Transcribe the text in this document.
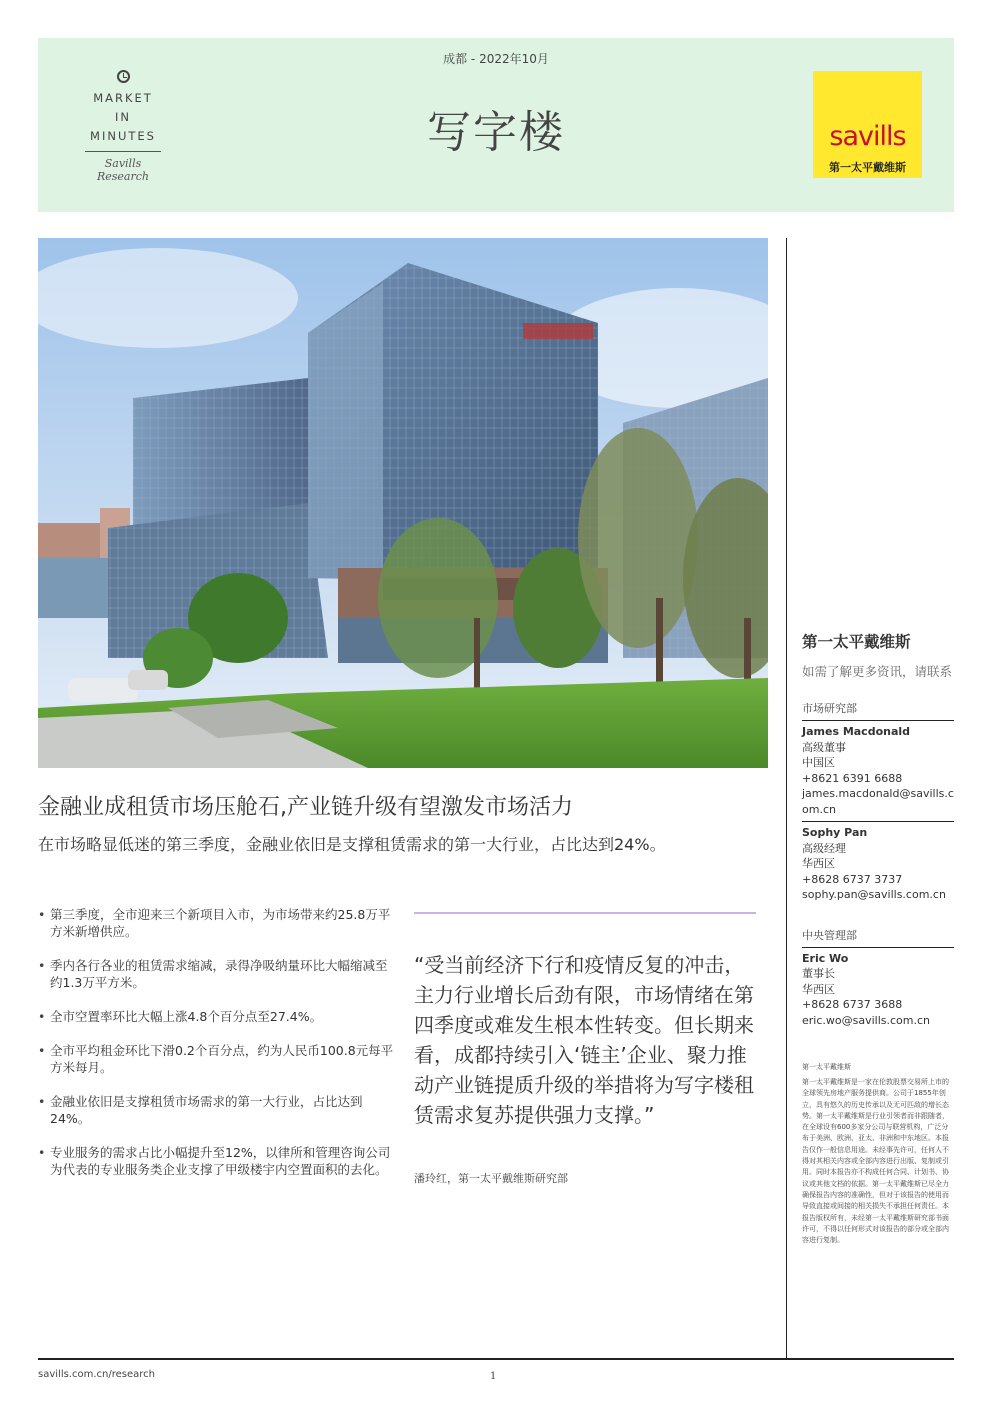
MARKET
IN
MINUTES
Savills Research
成都 - 2022年10月
写字楼	savills
第一太平戴维斯
金融业成租赁市场压舱石,产业链升级有望激发市场活力
在市场略显低迷的第三季度，金融业依旧是支撑租赁需求的第一大行业，占比达到24%。
• 第三季度，全市迎来三个新项目入市，为市场带来约25.8万平方米新增供应。
• 季内各行各业的租赁需求缩减，录得净吸纳量环比大幅缩减至约1.3万平方米。
• 全市空置率环比大幅上涨4.8个百分点至27.4%。
• 全市平均租金环比下滑0.2个百分点，约为人民币100.8元每平方米每月。
• 金融业依旧是支撑租赁市场需求的第一大行业，占比达到24%。
• 专业服务的需求占比小幅提升至12%，以律所和管理咨询公司为代表的专业服务类企业支撑了甲级楼宇内空置面积的去化。
“受当前经济下行和疫情反复的冲击，主力行业增长后劲有限，市场情绪在第四季度或难发生根本性转变。但长期来看，成都持续引入‘链主’企业、聚力推动产业链提质升级的举措将为写字楼租赁需求复苏提供强力支撑。”
潘玲红，第一太平戴维斯研究部
第一太平戴维斯
如需了解更多资讯，请联系
市场研究部
James Macdonald
高级董事
中国区
+8621 6391 6688
james.macdonald@savills.com.cn
Sophy Pan
高级经理
华西区
+8628 6737 3737
sophy.pan@savills.com.cn
中央管理部
Eric Wo
董事长
华西区
+8628 6737 3688
eric.wo@savills.com.cn
第一太平戴维斯
第一太平戴维斯是一家在伦敦股票交易所上市的全球领先房地产服务提供商。公司于1855年创立，具有悠久的历史传承以及无可匹敌的增长态势。第一太平戴维斯是行业引领者而非跟随者，在全球设有600多家分公司与联营机构，广泛分布于美洲、欧洲、亚太、非洲和中东地区。本报告仅作一般信息用途。未经事先许可，任何人不得对其相关内容或全部内容进行出版、复制或引用。同时本报告亦不构成任何合同、计划书、协议或其他文档的依据。第一太平戴维斯已尽全力确保报告内容的准确性，但对于该报告的使用而导致直接或间接的相关损失不承担任何责任。本报告版权所有，未经第一太平戴维斯研究部书面许可，不得以任何形式对该报告的部分或全部内容进行复制。
savills.com.cn/research	1
